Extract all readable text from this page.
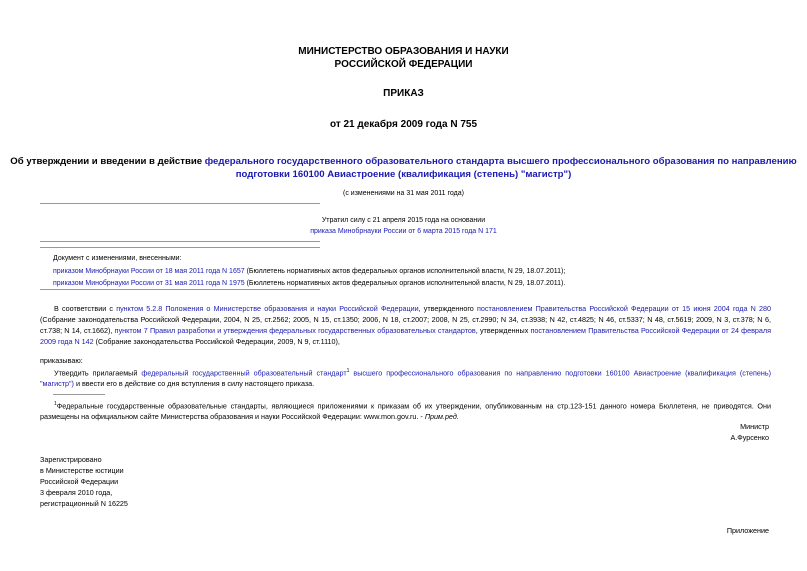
МИНИСТЕРСТВО ОБРАЗОВАНИЯ И НАУКИ
РОССИЙСКОЙ ФЕДЕРАЦИИ
ПРИКАЗ
от 21 декабря 2009 года N 755
Об утверждении и введении в действие федерального государственного образовательного стандарта высшего профессионального образования по направлению
подготовки 160100 Авиастроение (квалификация (степень) "магистр")
(с изменениями на 31 мая 2011 года)
Утратил силу с 21 апреля 2015 года на основании
приказа Минобрнауки России от 6 марта 2015 года N 171
Документ с изменениями, внесенными:
приказом Минобрнауки России от 18 мая 2011 года N 1657 (Бюллетень нормативных актов федеральных органов исполнительной власти, N 29, 18.07.2011);
приказом Минобрнауки России от 31 мая 2011 года N 1975 (Бюллетень нормативных актов федеральных органов исполнительной власти, N 29, 18.07.2011).
В соответствии с пунктом 5.2.8 Положения о Министерстве образования и науки Российской Федерации, утвержденного постановлением Правительства Российской Федерации от 15 июня 2004 года N 280 (Собрание законодательства Российской Федерации, 2004, N 25, ст.2562; 2005, N 15, ст.1350; 2006, N 18, ст.2007; 2008, N 25, ст.2990; N 34, ст.3938; N 42, ст.4825; N 46, ст.5337; N 48, ст.5619; 2009, N 3, ст.378; N 6, ст.738; N 14, ст.1662), пунктом 7 Правил разработки и утверждения федеральных государственных образовательных стандартов, утвержденных постановлением Правительства Российской Федерации от 24 февраля 2009 года N 142 (Собрание законодательства Российской Федерации, 2009, N 9, ст.1110),
приказываю:
Утвердить прилагаемый федеральный государственный образовательный стандарт$^1$ высшего профессионального образования по направлению подготовки 160100 Авиастроение (квалификация (степень) "магистр") и ввести его в действие со дня вступления в силу настоящего приказа.
$^1$Федеральные государственные образовательные стандарты, являющиеся приложениями к приказам об их утверждении, опубликованным на стр.123-151 данного номера Бюллетеня, не приводятся. Они размещены на официальном сайте Министерства образования и науки Российской Федерации: www.mon.gov.ru. - Прим.ред.
Министр
А.Фурсенко
Зарегистрировано
в Министерстве юстиции
Российской Федерации
3 февраля 2010 года,
регистрационный N 16225
Приложение
